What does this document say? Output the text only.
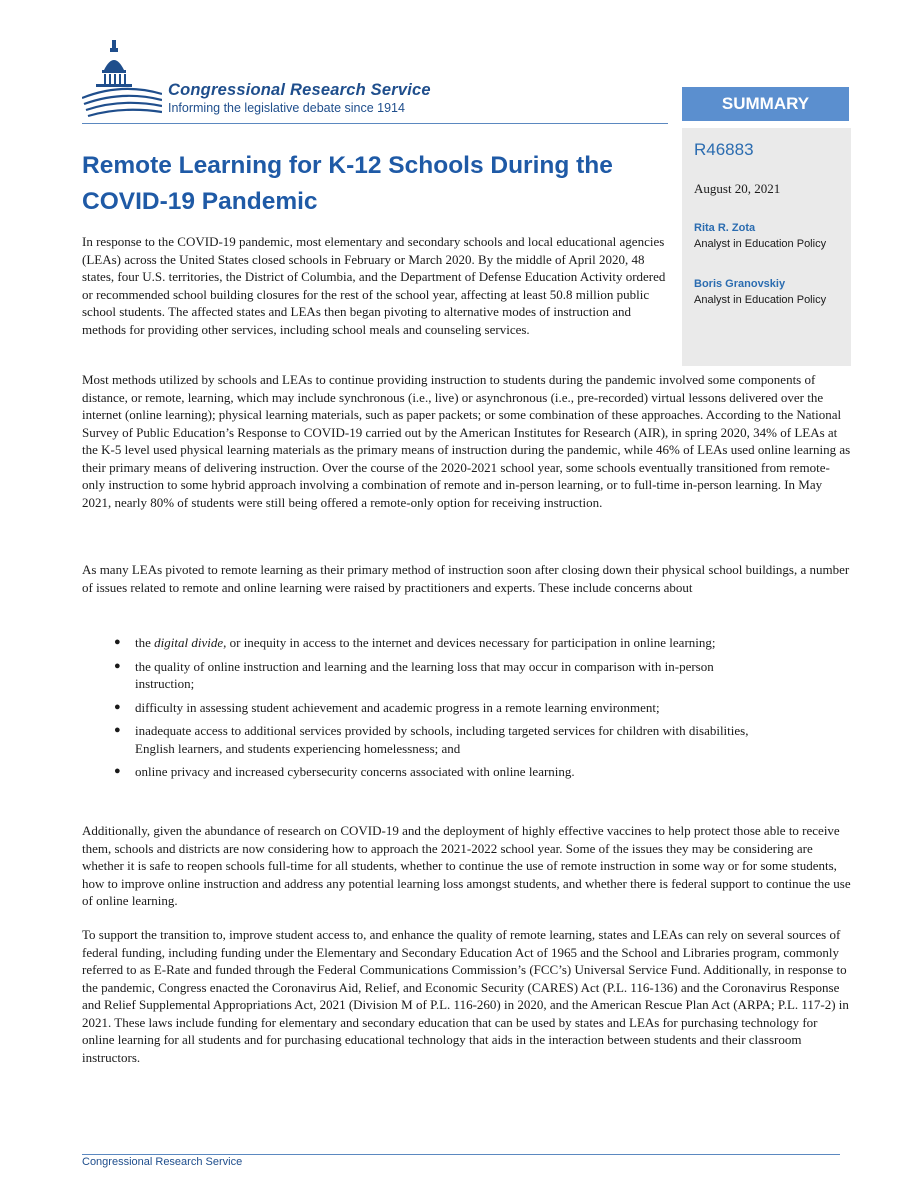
Congressional Research Service
Informing the legislative debate since 1914	SUMMARY
R46883
August 20, 2021
Rita R. Zota
Analyst in Education Policy
Boris Granovskiy
Analyst in Education Policy
Remote Learning for K-12 Schools During the COVID-19 Pandemic

In response to the COVID-19 pandemic, most elementary and secondary schools and local educational agencies (LEAs) across the United States closed schools in February or March 2020. By the middle of April 2020, 48 states, four U.S. territories, the District of Columbia, and the Department of Defense Education Activity ordered or recommended school building closures for the rest of the school year, affecting at least 50.8 million public school students. The affected states and LEAs then began pivoting to alternative modes of instruction and methods for providing other services, including school meals and counseling services.

Most methods utilized by schools and LEAs to continue providing instruction to students during the pandemic involved some components of distance, or remote, learning, which may include synchronous (i.e., live) or asynchronous (i.e., pre-recorded) virtual lessons delivered over the internet (online learning); physical learning materials, such as paper packets; or some combination of these approaches. According to the National Survey of Public Education’s Response to COVID-19 carried out by the American Institutes for Research (AIR), in spring 2020, 34% of LEAs at the K-5 level used physical learning materials as the primary means of instruction during the pandemic, while 46% of LEAs used online learning as their primary means of delivering instruction. Over the course of the 2020-2021 school year, some schools eventually transitioned from remote-only instruction to some hybrid approach involving a combination of remote and in-person learning, or to full-time in-person learning. In May 2021, nearly 80% of students were still being offered a remote-only option for receiving instruction.

As many LEAs pivoted to remote learning as their primary method of instruction soon after closing down their physical school buildings, a number of issues related to remote and online learning were raised by practitioners and experts. These include concerns about

● the digital divide, or inequity in access to the internet and devices necessary for participation in online learning;
● the quality of online instruction and learning and the learning loss that may occur in comparison with in-person instruction;
● difficulty in assessing student achievement and academic progress in a remote learning environment;
● inadequate access to additional services provided by schools, including targeted services for children with disabilities, English learners, and students experiencing homelessness; and
● online privacy and increased cybersecurity concerns associated with online learning.

Additionally, given the abundance of research on COVID-19 and the deployment of highly effective vaccines to help protect those able to receive them, schools and districts are now considering how to approach the 2021-2022 school year. Some of the issues they may be considering are whether it is safe to reopen schools full-time for all students, whether to continue the use of remote instruction in some way or for some students, how to improve online instruction and address any potential learning loss amongst students, and whether there is federal support to continue the use of online learning.

To support the transition to, improve student access to, and enhance the quality of remote learning, states and LEAs can rely on several sources of federal funding, including funding under the Elementary and Secondary Education Act of 1965 and the School and Libraries program, commonly referred to as E-Rate and funded through the Federal Communications Commission’s (FCC’s) Universal Service Fund. Additionally, in response to the pandemic, Congress enacted the Coronavirus Aid, Relief, and Economic Security (CARES) Act (P.L. 116-136) and the Coronavirus Response and Relief Supplemental Appropriations Act, 2021 (Division M of P.L. 116-260) in 2020, and the American Rescue Plan Act (ARPA; P.L. 117-2) in 2021. These laws include funding for elementary and secondary education that can be used by states and LEAs for purchasing technology for online learning for all students and for purchasing educational technology that aids in the interaction between students and their classroom instructors.

Congressional Research Service
